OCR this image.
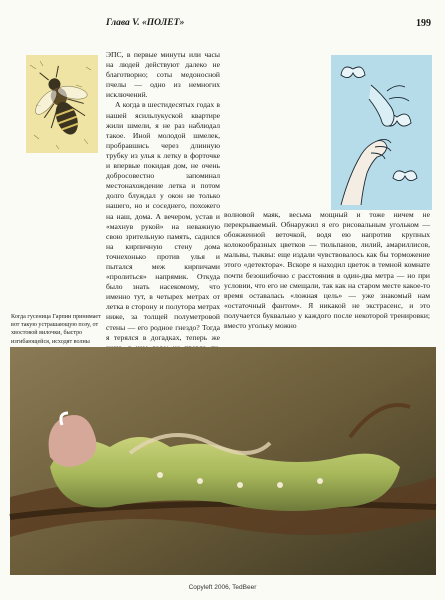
Глава V. «ПОЛЕТ»	199
Когда гусеница Гарпии принимает вот такую устрашающую позу, от хвостовой вилочки, быстро изгибающейся, исходят волны

ЭПС, в первые минуты или часы на людей действуют далеко не благотворно; соты медоносной пчелы — одно из немногих исключений.

А когда в шестидесятых годах в нашей ясильлукуской квартире жили шмели, я не раз наблюдал такое. Иной молодой шмелек, пробравшись через длинную трубку из улья к летку в форточке и впервые покидая дом, не очень добросовестно запоминал местонахождение летка и потом долго блуждал у окон не только нашего, но и соседнего, похожего на наш, дома. А вечером, устав и «махнув рукой» на неважную свою зрительную память, садился на кирпичную стену дома точнехонько против улья и пытался меж кирпичами «пролиться» напрямик. Откуда было знать насекомому, что именно тут, в четырех метрах от летка в сторону и полутора метрах ниже, за толщей полуметровой стены — его родное гнездо? Тогда я терялся в догадках, теперь же

волновой маяк, весьма мощный и тоже ничем не перекрываемый. Обнаружил я его рисовальным угольком — обожженной веточкой, водя ею напротив крупных колокообразных цветков — тюльпанов, лилий, амариллисов, мальвы, тыквы: еще издали чувствовалось как бы торможение этого «детектора». Вскоре я находил цветок в темной комнате почти безошибочно с расстояния в один-два метра — но при условии, что его не смещали, так как на старом месте какое-то время оставалась «ложная цель» — уже знакомый нам «остаточный фантом». Я никакой не экстрасенс, и это получается буквально у каждого после некоторой тренировки; вместо угольку можно

Copyleft 2006, TedBeer
